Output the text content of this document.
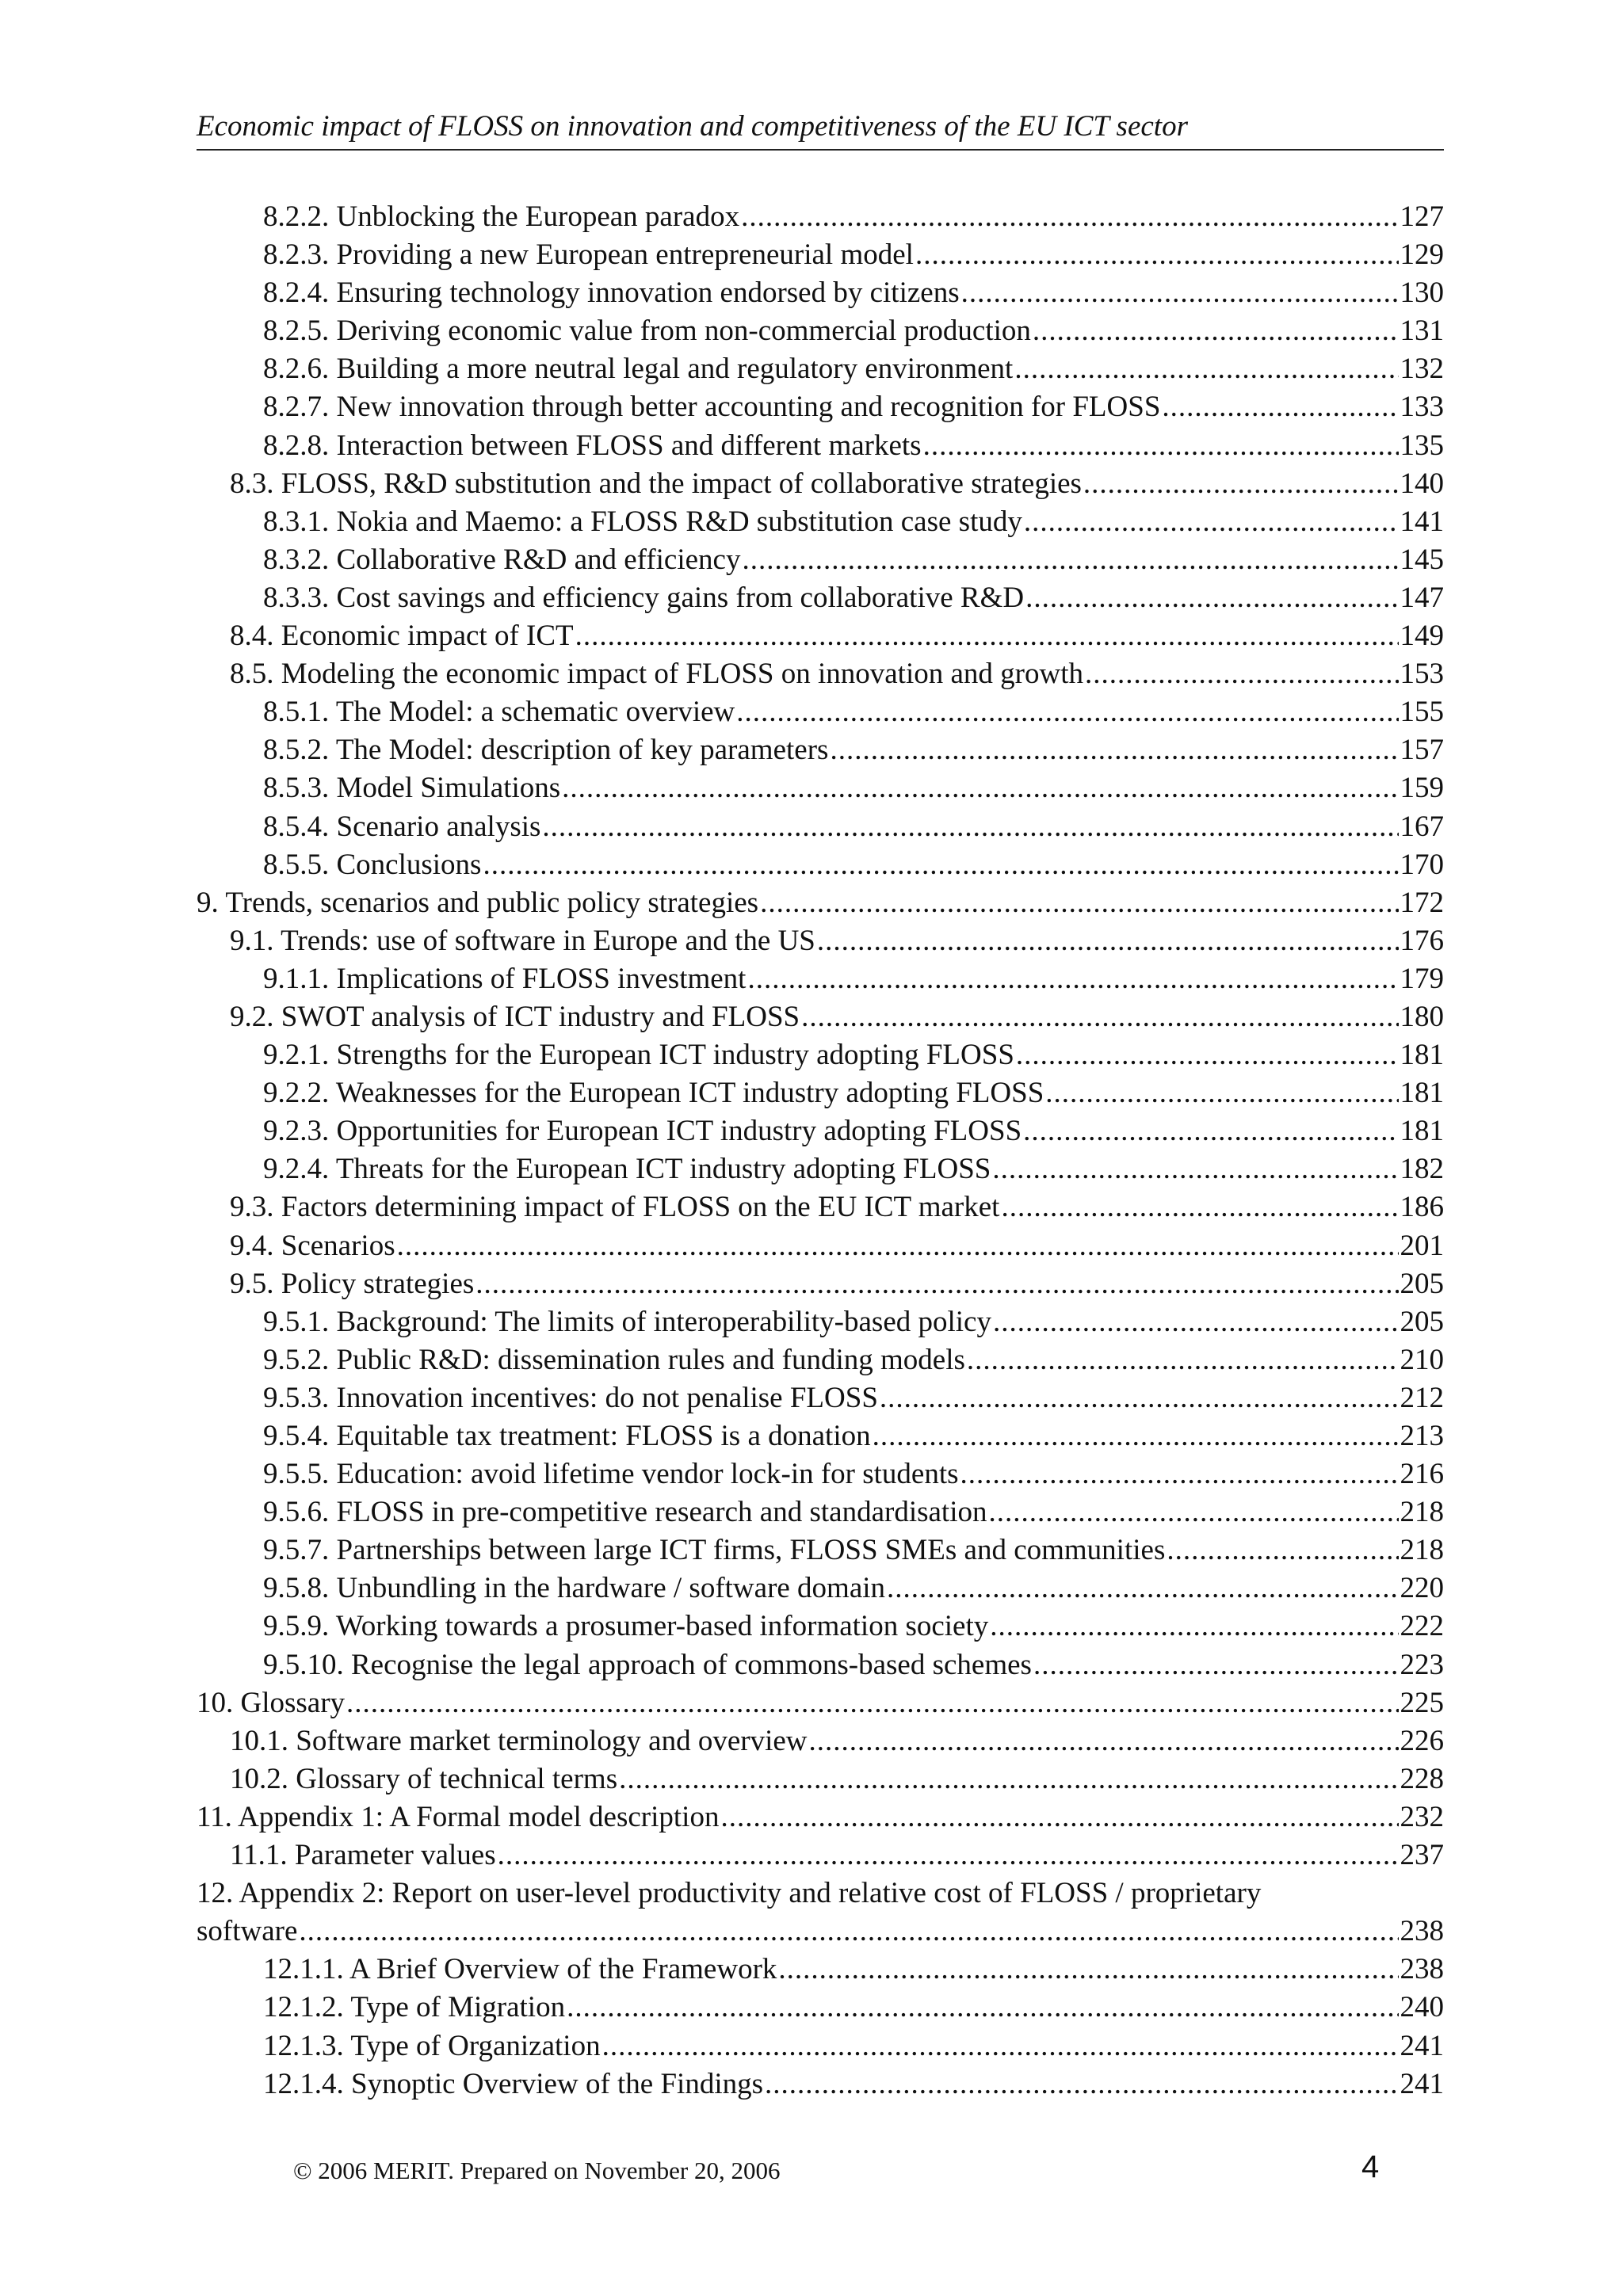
Economic impact of FLOSS on innovation and competitiveness of the EU ICT sector
8.2.2. Unblocking the European paradox .....	127
8.2.3. Providing a new European entrepreneurial model .....	129
8.2.4. Ensuring technology innovation endorsed by citizens .....	130
8.2.5. Deriving economic value from non-commercial production .....	131
8.2.6. Building a more neutral legal and regulatory environment .....	132
8.2.7. New innovation through better accounting and recognition for FLOSS .....	133
8.2.8. Interaction between FLOSS and different markets .....	135
8.3. FLOSS, R&D substitution and the impact of collaborative strategies .....	140
8.3.1. Nokia and Maemo: a FLOSS R&D substitution case study .....	141
8.3.2. Collaborative R&D and efficiency .....	145
8.3.3. Cost savings and efficiency gains from collaborative R&D .....	147
8.4. Economic impact of ICT .....	149
8.5. Modeling the economic impact of FLOSS on innovation and growth .....	153
8.5.1. The Model: a schematic overview .....	155
8.5.2. The Model: description of key parameters .....	157
8.5.3. Model Simulations .....	159
8.5.4. Scenario analysis .....	167
8.5.5. Conclusions .....	170
9. Trends, scenarios and public policy strategies .....	172
9.1. Trends: use of software in Europe and the US .....	176
9.1.1. Implications of FLOSS investment .....	179
9.2. SWOT analysis of ICT industry and FLOSS .....	180
9.2.1. Strengths for the European ICT industry adopting FLOSS .....	181
9.2.2. Weaknesses for the European ICT industry adopting FLOSS .....	181
9.2.3. Opportunities for European ICT industry adopting FLOSS .....	181
9.2.4. Threats for the European ICT industry adopting FLOSS .....	182
9.3. Factors determining impact of FLOSS on the EU ICT market .....	186
9.4. Scenarios .....	201
9.5. Policy strategies .....	205
9.5.1. Background: The limits of interoperability-based policy .....	205
9.5.2. Public R&D: dissemination rules and funding models .....	210
9.5.3. Innovation incentives: do not penalise FLOSS .....	212
9.5.4. Equitable tax treatment: FLOSS is a donation .....	213
9.5.5. Education: avoid lifetime vendor lock-in for students .....	216
9.5.6. FLOSS in pre-competitive research and standardisation .....	218
9.5.7. Partnerships between large ICT firms, FLOSS SMEs and communities .....	218
9.5.8. Unbundling in the hardware / software domain .....	220
9.5.9. Working towards a prosumer-based information society .....	222
9.5.10. Recognise the legal approach of commons-based schemes .....	223
10. Glossary .....	225
10.1. Software market terminology and overview .....	226
10.2. Glossary of technical terms .....	228
11. Appendix 1: A Formal model description .....	232
11.1. Parameter values .....	237
12. Appendix 2: Report on user-level productivity and relative cost of FLOSS / proprietary
software .....	238
12.1.1. A Brief Overview of the Framework .....	238
12.1.2. Type of Migration .....	240
12.1.3. Type of Organization .....	241
12.1.4. Synoptic Overview of the Findings .....	241
© 2006 MERIT. Prepared on November 20, 2006	4
